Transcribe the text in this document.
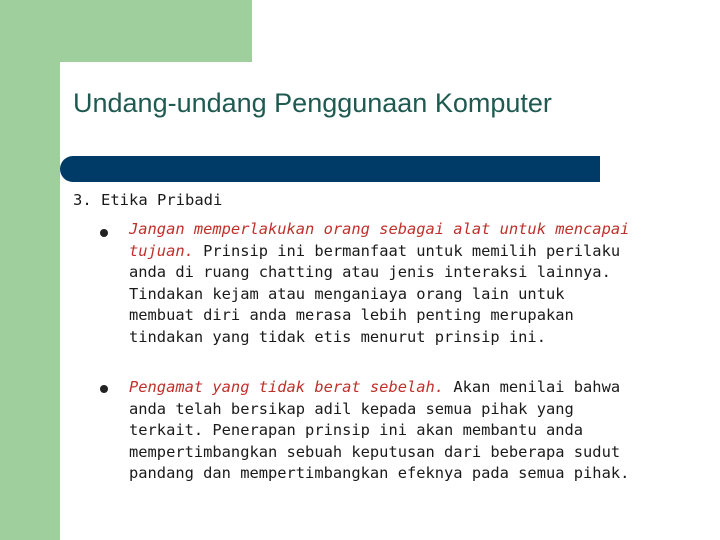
Undang-undang Penggunaan Komputer
3. Etika Pribadi

Jangan memperlakukan orang sebagai alat untuk mencapai
tujuan. Prinsip ini bermanfaat untuk memilih perilaku
anda di ruang chatting atau jenis interaksi lainnya.
Tindakan kejam atau menganiaya orang lain untuk
membuat diri anda merasa lebih penting merupakan
tindakan yang tidak etis menurut prinsip ini.

Pengamat yang tidak berat sebelah. Akan menilai bahwa
anda telah bersikap adil kepada semua pihak yang
terkait. Penerapan prinsip ini akan membantu anda
mempertimbangkan sebuah keputusan dari beberapa sudut
pandang dan mempertimbangkan efeknya pada semua pihak.
